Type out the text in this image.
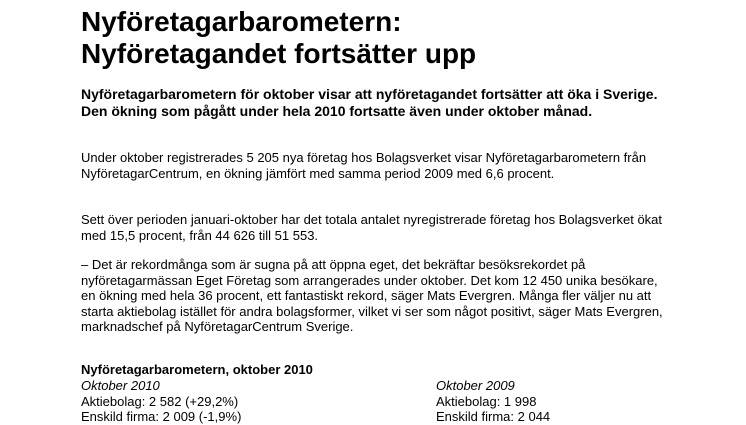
Nyföretagarbarometern:
Nyföretagandet fortsätter upp

Nyföretagarbarometern för oktober visar att nyföretagandet fortsätter att öka i Sverige. Den ökning som pågått under hela 2010 fortsatte även under oktober månad.

Under oktober registrerades 5 205 nya företag hos Bolagsverket visar Nyföretagarbarometern från NyföretagarCentrum, en ökning jämfört med samma period 2009 med 6,6 procent.

Sett över perioden januari-oktober har det totala antalet nyregistrerade företag hos Bolagsverket ökat med 15,5 procent, från 44 626 till 51 553.

– Det är rekordmånga som är sugna på att öppna eget, det bekräftar besöksrekordet på nyföretagarmässan Eget Företag som arrangerades under oktober. Det kom 12 450 unika besökare, en ökning med hela 36 procent, ett fantastiskt rekord, säger Mats Evergren. Många fler väljer nu att starta aktiebolag istället för andra bolagsformer, vilket vi ser som något positivt, säger Mats Evergren, marknadschef på NyföretagarCentrum Sverige.

Nyföretagarbarometern, oktober 2010

Oktober 2010
Aktiebolag: 2 582 (+29,2%)
Enskild firma: 2 009 (-1,9%)
Oktober 2009
Aktiebolag: 1 998
Enskild firma: 2 044
